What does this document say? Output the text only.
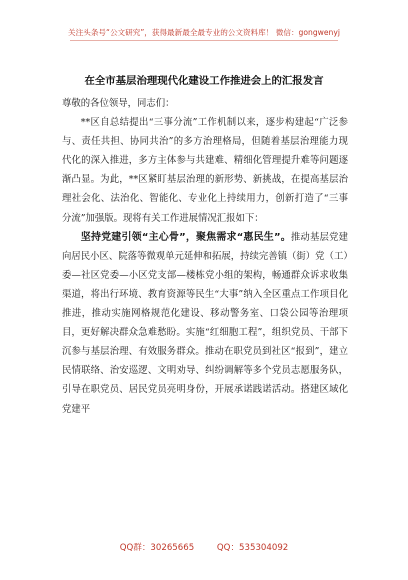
关注头条号“公文研究”，获得最新最全最专业的公文资料库！ 微信：gongwenyj
在全市基层治理现代化建设工作推进会上的汇报发言

尊敬的各位领导，同志们：

**区自总结提出“三事分流”工作机制以来，逐步构建起“广泛参与、责任共担、协同共治”的多方治理格局，但随着基层治理能力现代化的深入推进，多方主体参与共建难、精细化管理提升难等问题逐渐凸显。为此，**区紧盯基层治理的新形势、新挑战，在提高基层治理社会化、法治化、智能化、专业化上持续用力，创新打造了“三事分流”加强版。现将有关工作进展情况汇报如下：

坚持党建引领“主心骨”，聚焦需求“惠民生”。推动基层党建向居民小区、院落等微观单元延伸和拓展，持续完善镇（街）党（工）委—社区党委—小区党支部—楼栋党小组的架构，畅通群众诉求收集渠道，将出行环境、教育资源等民生“大事”纳入全区重点工作项目化推进，推动实施网格规范化建设、移动警务室、口袋公园等治理项目，更好解决群众急难愁盼。实施“红细胞工程”，组织党员、干部下沉参与基层治理、有效服务群众。推动在职党员到社区“报到”，建立民情联络、治安巡逻、文明劝导、纠纷调解等多个党员志愿服务队，引导在职党员、居民党员亮明身份，开展承诺践诺活动。搭建区域化党建平

QQ群：30265665	QQ：535304092
